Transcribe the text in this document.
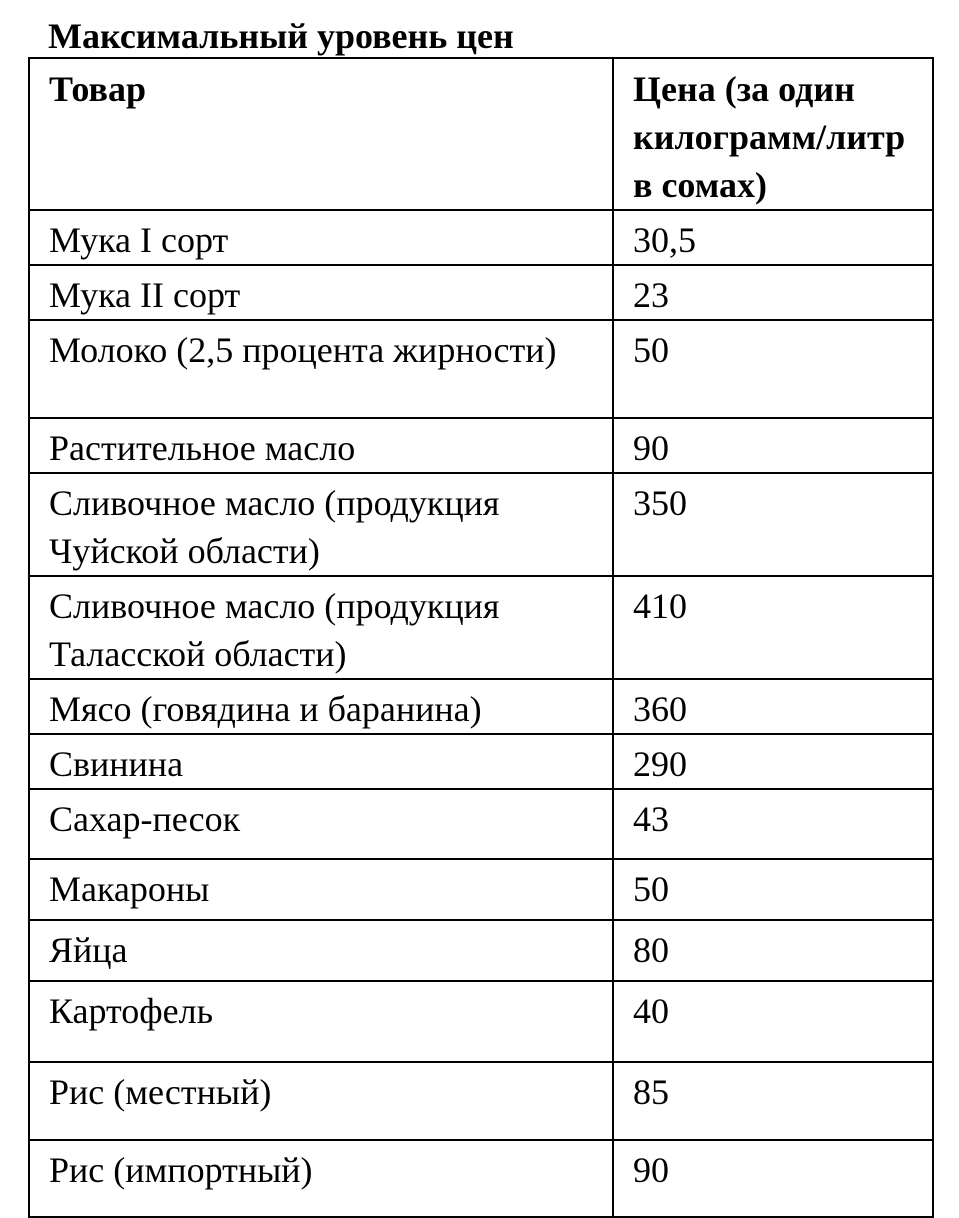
Максимальный уровень цен
Товар	Цена (за один килограмм/литр в сомах)
Мука I сорт	30,5
Мука II сорт	23
Молоко (2,5 процента жирности)	50
Растительное масло	90
Сливочное масло (продукция Чуйской области)	350
Сливочное масло (продукция Таласской области)	410
Мясо (говядина и баранина)	360
Свинина	290
Сахар-песок	43
Макароны	50
Яйца	80
Картофель	40
Рис (местный)	85
Рис (импортный)	90
